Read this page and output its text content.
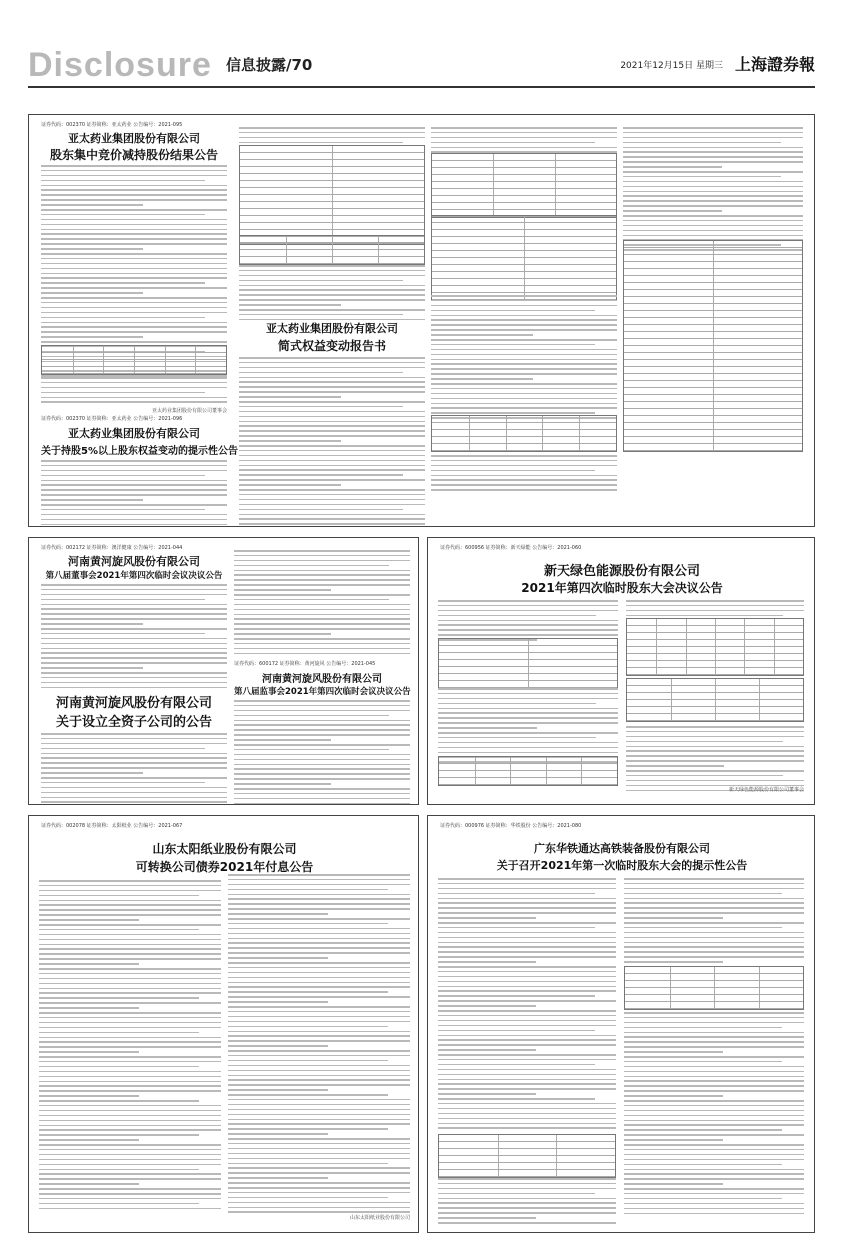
Disclosure 信息披露/70	2021年12月15日 星期三 上海證券報
证券代码：002370 证券简称：亚太药业 公告编号：2021-095
亚太药业集团股份有限公司
股东集中竞价减持股份结果公告
亚太药业集团股份有限公司董事会
证券代码：002370 证券简称：亚太药业 公告编号：2021-096
亚太药业集团股份有限公司
关于持股5%以上股东权益变动的提示性公告
亚太药业集团股份有限公司
简式权益变动报告书
证券代码：002172 证券简称：澳洋健康 公告编号：2021-044
河南黄河旋风股份有限公司
第八届董事会2021年第四次临时会议决议公告
河南黄河旋风股份有限公司
关于设立全资子公司的公告
证券代码：600172 证券简称：黄河旋风 公告编号：2021-045
河南黄河旋风股份有限公司
第八届监事会2021年第四次临时会议决议公告
证券代码：600956 证券简称：新天绿能 公告编号：2021-060
新天绿色能源股份有限公司
2021年第四次临时股东大会决议公告
新天绿色能源股份有限公司董事会
证券代码：002078 证券简称：太阳纸业 公告编号：2021-067
山东太阳纸业股份有限公司
可转换公司债券2021年付息公告
山东太阳纸业股份有限公司
证券代码：000976 证券简称：华铁股份 公告编号：2021-080
广东华铁通达高铁装备股份有限公司
关于召开2021年第一次临时股东大会的提示性公告
